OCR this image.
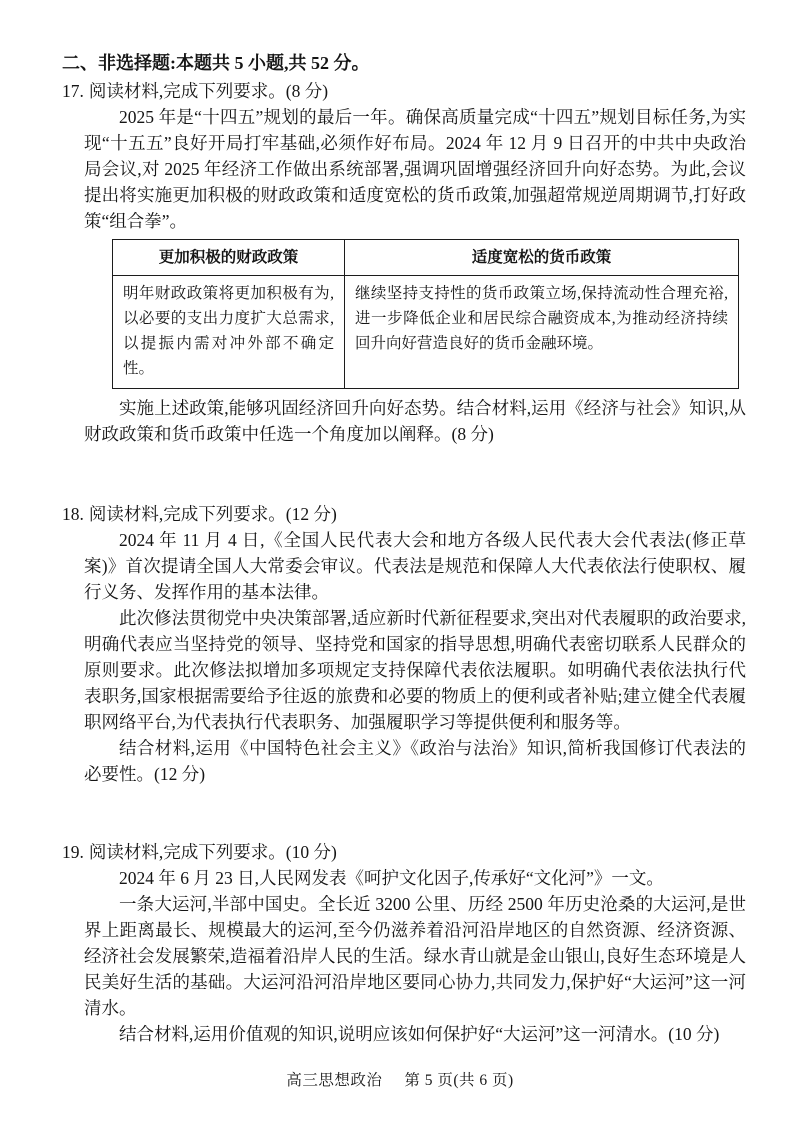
二、非选择题:本题共 5 小题,共 52 分。
17. 阅读材料,完成下列要求。(8 分)

2025 年是“十四五”规划的最后一年。确保高质量完成“十四五”规划目标任务,为实现“十五五”良好开局打牢基础,必须作好布局。2024 年 12 月 9 日召开的中共中央政治局会议,对 2025 年经济工作做出系统部署,强调巩固增强经济回升向好态势。为此,会议提出将实施更加积极的财政政策和适度宽松的货币政策,加强超常规逆周期调节,打好政策“组合拳”。

更加积极的财政政策	适度宽松的货币政策
明年财政政策将更加积极有为,以必要的支出力度扩大总需求,以提振内需对冲外部不确定性。	继续坚持支持性的货币政策立场,保持流动性合理充裕,进一步降低企业和居民综合融资成本,为推动经济持续回升向好营造良好的货币金融环境。

实施上述政策,能够巩固经济回升向好态势。结合材料,运用《经济与社会》知识,从财政政策和货币政策中任选一个角度加以阐释。(8 分)

18. 阅读材料,完成下列要求。(12 分)

2024 年 11 月 4 日,《全国人民代表大会和地方各级人民代表大会代表法(修正草案)》首次提请全国人大常委会审议。代表法是规范和保障人大代表依法行使职权、履行义务、发挥作用的基本法律。

此次修法贯彻党中央决策部署,适应新时代新征程要求,突出对代表履职的政治要求,明确代表应当坚持党的领导、坚持党和国家的指导思想,明确代表密切联系人民群众的原则要求。此次修法拟增加多项规定支持保障代表依法履职。如明确代表依法执行代表职务,国家根据需要给予往返的旅费和必要的物质上的便利或者补贴;建立健全代表履职网络平台,为代表执行代表职务、加强履职学习等提供便利和服务等。

结合材料,运用《中国特色社会主义》《政治与法治》知识,简析我国修订代表法的必要性。(12 分)

19. 阅读材料,完成下列要求。(10 分)

2024 年 6 月 23 日,人民网发表《呵护文化因子,传承好“文化河”》一文。

一条大运河,半部中国史。全长近 3200 公里、历经 2500 年历史沧桑的大运河,是世界上距离最长、规模最大的运河,至今仍滋养着沿河沿岸地区的自然资源、经济资源、经济社会发展繁荣,造福着沿岸人民的生活。绿水青山就是金山银山,良好生态环境是人民美好生活的基础。大运河沿河沿岸地区要同心协力,共同发力,保护好“大运河”这一河清水。

结合材料,运用价值观的知识,说明应该如何保护好“大运河”这一河清水。(10 分)

高三思想政治 第 5 页(共 6 页)
